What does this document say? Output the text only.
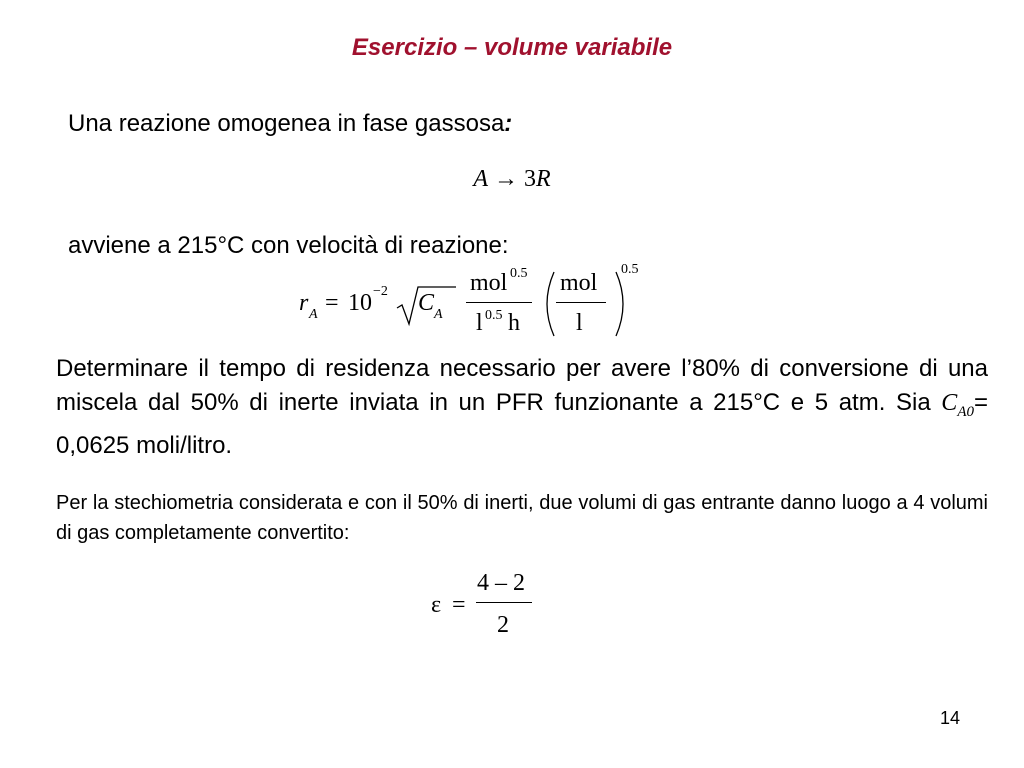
Esercizio – volume variabile
Una reazione omogenea in fase gassosa:
A → 3R
avviene a 215°C con velocità di reazione:
r A = 10 −2 C A
mol 0.5
l 0.5 h
mol
l
0.5
Determinare il tempo di residenza necessario per avere l’80% di conversione di una miscela dal 50% di inerte inviata in un PFR funzionante a 215°C e 5 atm. Sia $C_{A0}= 0,0625$ moli/litro.
Per la stechiometria considerata e con il 50% di inerti, due volumi di gas entrante danno luogo a 4 volumi di gas completamente convertito:
ε =
4 – 2
2
14
